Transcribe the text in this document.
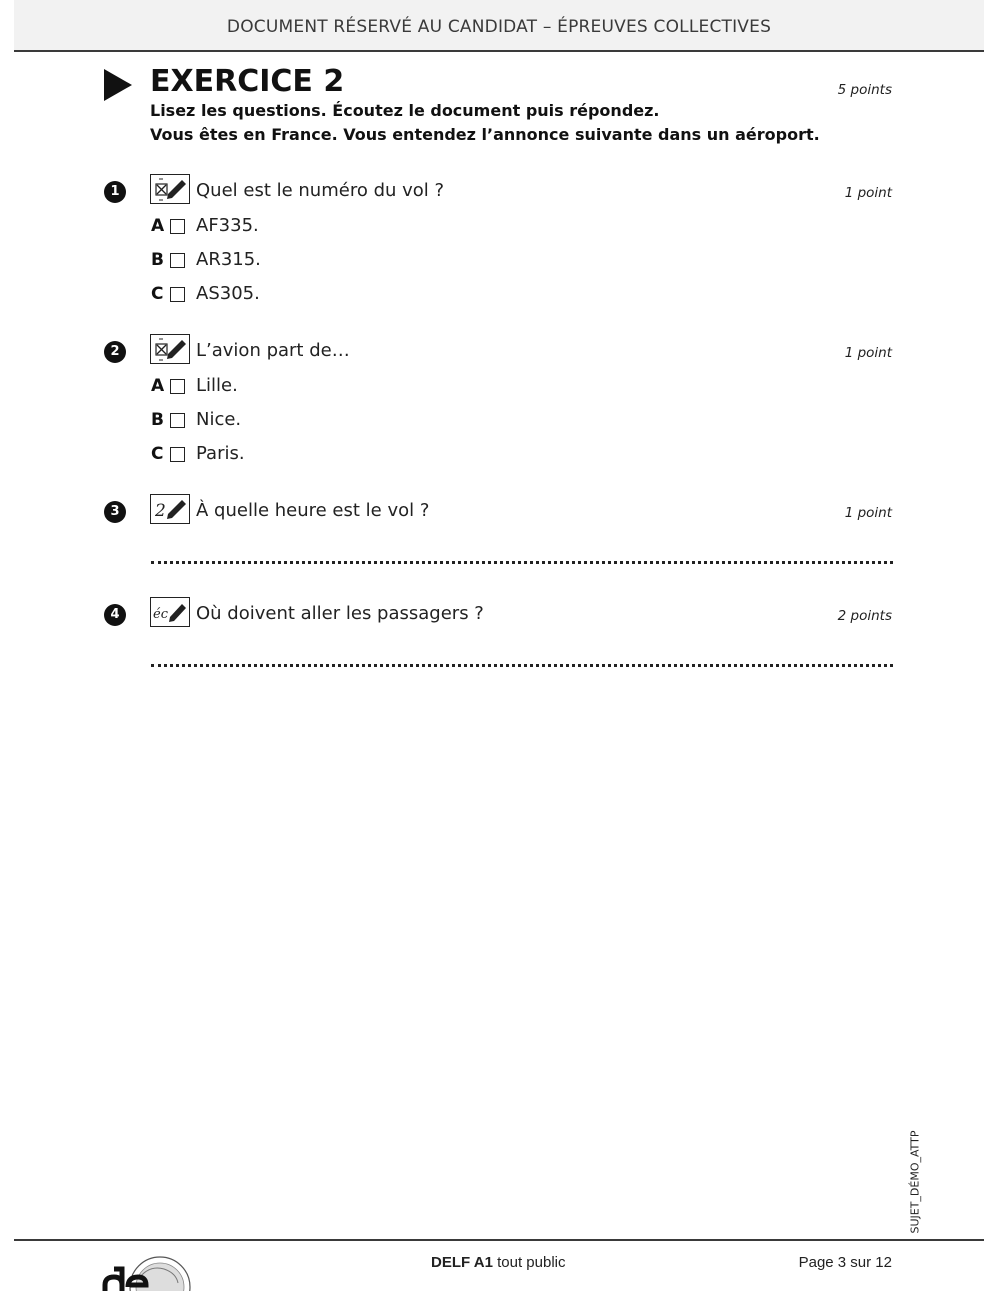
DOCUMENT RÉSERVÉ AU CANDIDAT – ÉPREUVES COLLECTIVES
EXERCICE 2	5 points
Lisez les questions. Écoutez le document puis répondez.
Vous êtes en France. Vous entendez l’annonce suivante dans un aéroport.
1	Quel est le numéro du vol ?	1 point
A AF335.
B AR315.
C AS305.
2	L’avion part de…	1 point
A Lille.
B Nice.
C Paris.
3	2 À quelle heure est le vol ?	1 point
4	éc Où doivent aller les passagers ?	2 points
SUJET_DÉMO_ATTP
DELF A1 tout public	Page 3 sur 12
